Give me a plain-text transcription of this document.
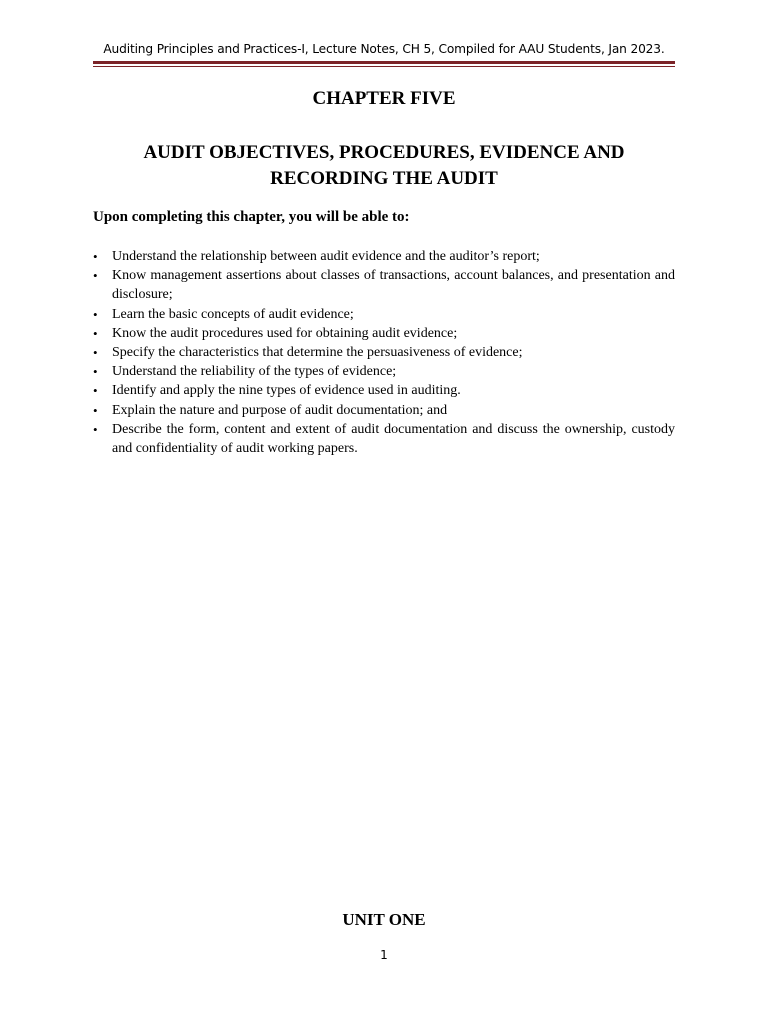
Auditing Principles and Practices-I, Lecture Notes, CH 5, Compiled for AAU Students, Jan 2023.
CHAPTER FIVE
AUDIT OBJECTIVES, PROCEDURES, EVIDENCE AND
RECORDING THE AUDIT

Upon completing this chapter, you will be able to:

• Understand the relationship between audit evidence and the auditor’s report;
• Know management assertions about classes of transactions, account balances, and presentation and disclosure;
• Learn the basic concepts of audit evidence;
• Know the audit procedures used for obtaining audit evidence;
• Specify the characteristics that determine the persuasiveness of evidence;
• Understand the reliability of the types of evidence;
• Identify and apply the nine types of evidence used in auditing.
• Explain the nature and purpose of audit documentation; and
• Describe the form, content and extent of audit documentation and discuss the ownership, custody and confidentiality of audit working papers.
UNIT ONE
1
